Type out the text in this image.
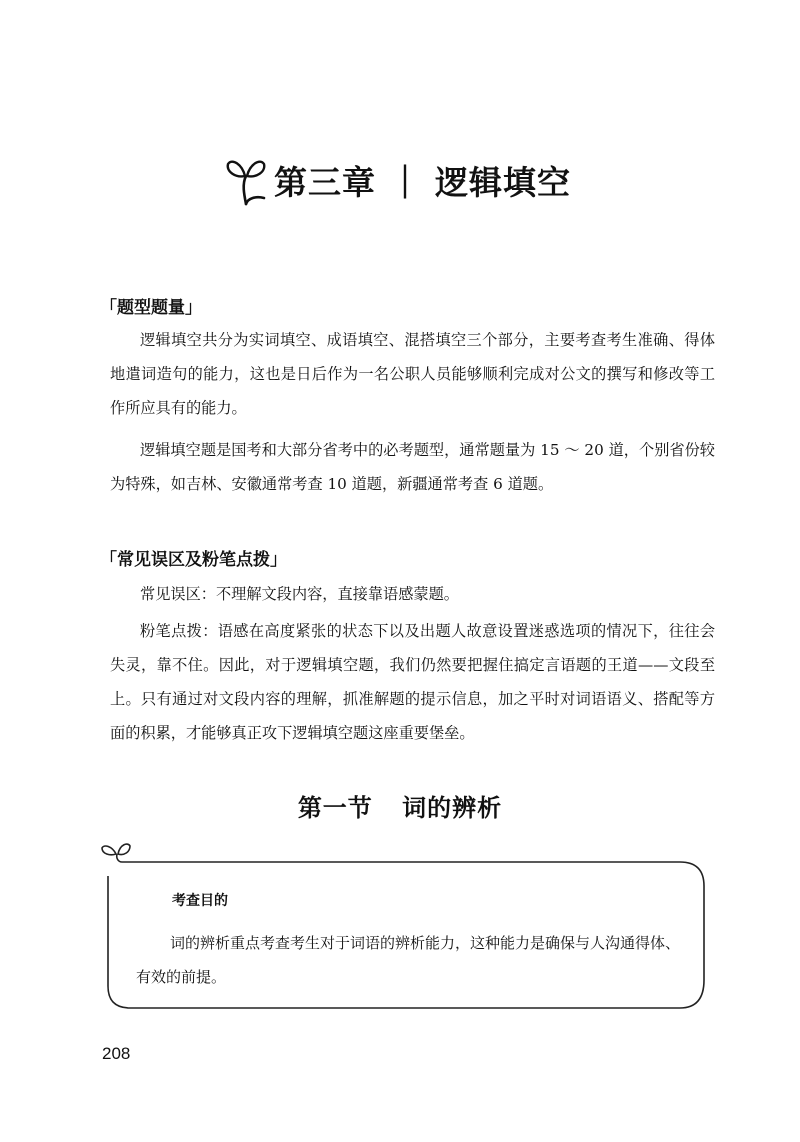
第三章 ｜ 逻辑填空
「题型题量」

逻辑填空共分为实词填空、成语填空、混搭填空三个部分，主要考查考生准确、得体地遣词造句的能力，这也是日后作为一名公职人员能够顺利完成对公文的撰写和修改等工作所应具有的能力。

逻辑填空题是国考和大部分省考中的必考题型，通常题量为 15 ～ 20 道，个别省份较为特殊，如吉林、安徽通常考查 10 道题，新疆通常考查 6 道题。

「常见误区及粉笔点拨」

常见误区：不理解文段内容，直接靠语感蒙题。

粉笔点拨：语感在高度紧张的状态下以及出题人故意设置迷惑选项的情况下，往往会失灵，靠不住。因此，对于逻辑填空题，我们仍然要把握住搞定言语题的王道——文段至上。只有通过对文段内容的理解，抓准解题的提示信息，加之平时对词语语义、搭配等方面的积累，才能够真正攻下逻辑填空题这座重要堡垒。

第一节 词的辨析
考查目的
词的辨析重点考查考生对于词语的辨析能力，这种能力是确保与人沟通得体、有效的前提。
208
